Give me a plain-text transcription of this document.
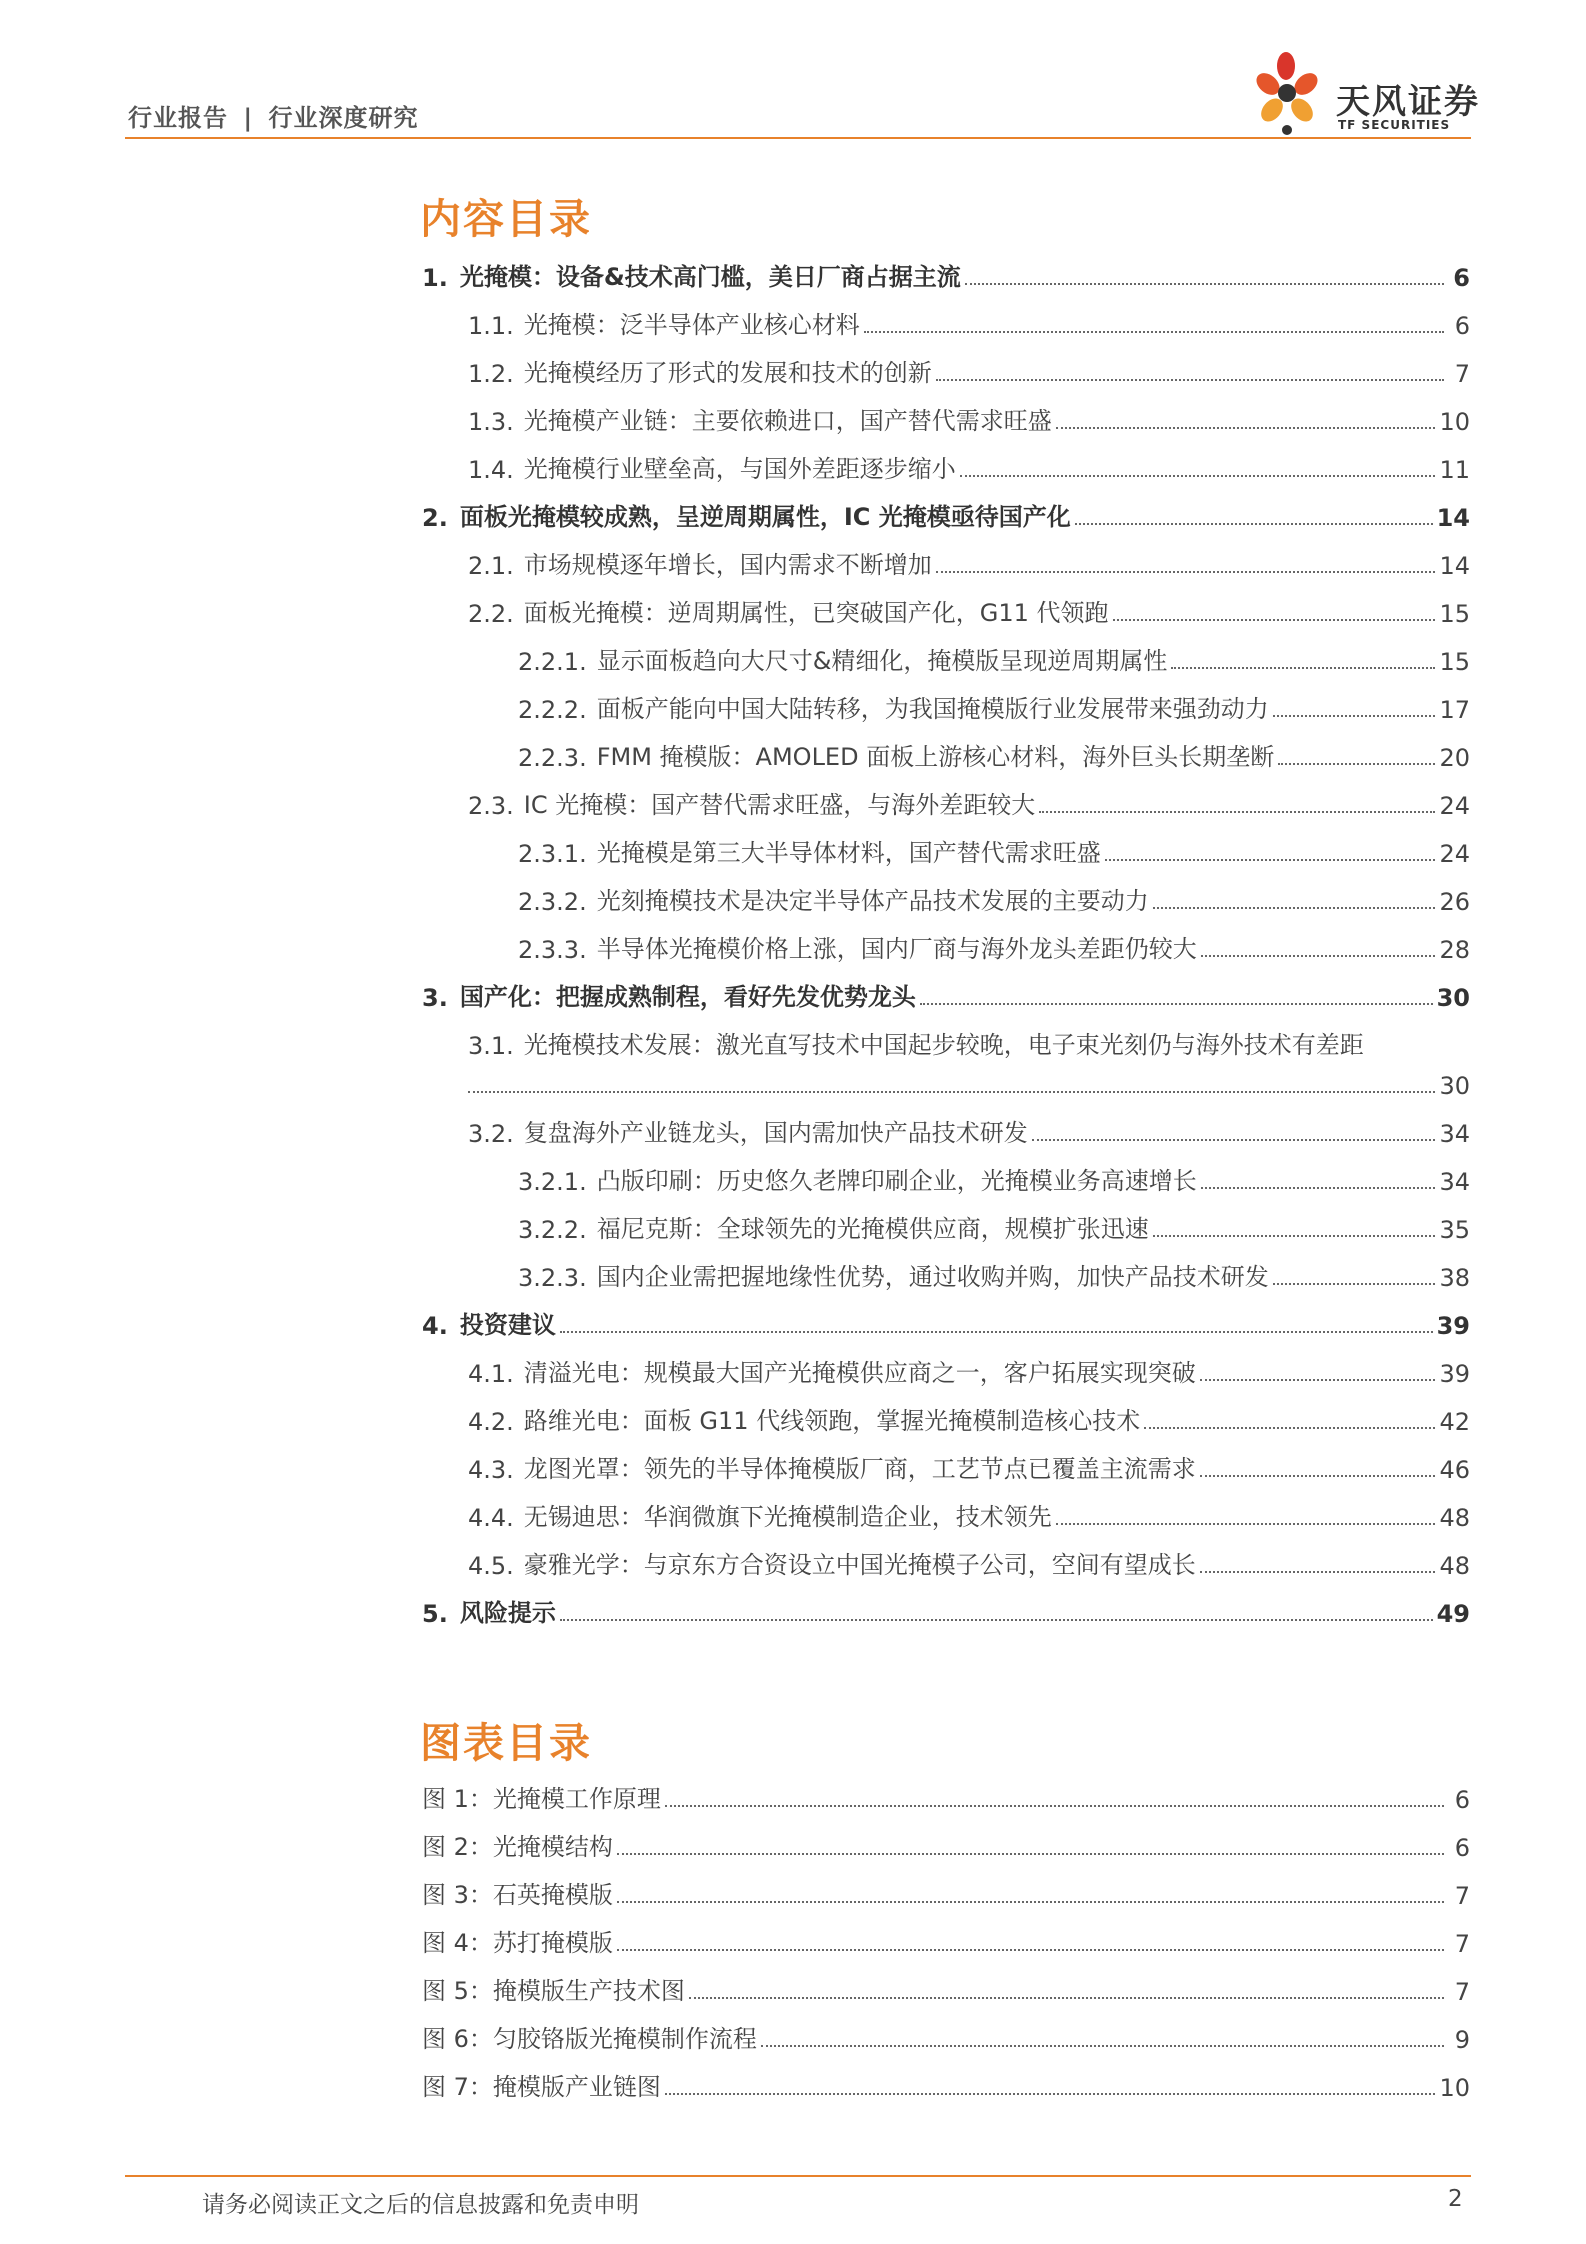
行业报告 | 行业深度研究	天风证券
TF SECURITIES
内容目录
1. 光掩模：设备&技术高门槛，美日厂商占据主流	6
1.1. 光掩模：泛半导体产业核心材料	6
1.2. 光掩模经历了形式的发展和技术的创新	7
1.3. 光掩模产业链：主要依赖进口，国产替代需求旺盛	10
1.4. 光掩模行业壁垒高，与国外差距逐步缩小	11
2. 面板光掩模较成熟，呈逆周期属性，IC 光掩模亟待国产化	14
2.1. 市场规模逐年增长，国内需求不断增加	14
2.2. 面板光掩模：逆周期属性，已突破国产化，G11 代领跑	15
2.2.1. 显示面板趋向大尺寸&精细化，掩模版呈现逆周期属性	15
2.2.2. 面板产能向中国大陆转移，为我国掩模版行业发展带来强劲动力	17
2.2.3. FMM 掩模版：AMOLED 面板上游核心材料，海外巨头长期垄断	20
2.3. IC 光掩模：国产替代需求旺盛，与海外差距较大	24
2.3.1. 光掩模是第三大半导体材料，国产替代需求旺盛	24
2.3.2. 光刻掩模技术是决定半导体产品技术发展的主要动力	26
2.3.3. 半导体光掩模价格上涨，国内厂商与海外龙头差距仍较大	28
3. 国产化：把握成熟制程，看好先发优势龙头	30
3.1. 光掩模技术发展：激光直写技术中国起步较晚，电子束光刻仍与海外技术有差距
30
3.2. 复盘海外产业链龙头，国内需加快产品技术研发	34
3.2.1. 凸版印刷：历史悠久老牌印刷企业，光掩模业务高速增长	34
3.2.2. 福尼克斯：全球领先的光掩模供应商，规模扩张迅速	35
3.2.3. 国内企业需把握地缘性优势，通过收购并购，加快产品技术研发	38
4. 投资建议	39
4.1. 清溢光电：规模最大国产光掩模供应商之一，客户拓展实现突破	39
4.2. 路维光电：面板 G11 代线领跑，掌握光掩模制造核心技术	42
4.3. 龙图光罩：领先的半导体掩模版厂商，工艺节点已覆盖主流需求	46
4.4. 无锡迪思：华润微旗下光掩模制造企业，技术领先	48
4.5. 豪雅光学：与京东方合资设立中国光掩模子公司，空间有望成长	48
5. 风险提示	49
图表目录
图 1：光掩模工作原理	6
图 2：光掩模结构	6
图 3：石英掩模版	7
图 4：苏打掩模版	7
图 5：掩模版生产技术图	7
图 6：匀胶铬版光掩模制作流程	9
图 7：掩模版产业链图	10
请务必阅读正文之后的信息披露和免责申明	2
